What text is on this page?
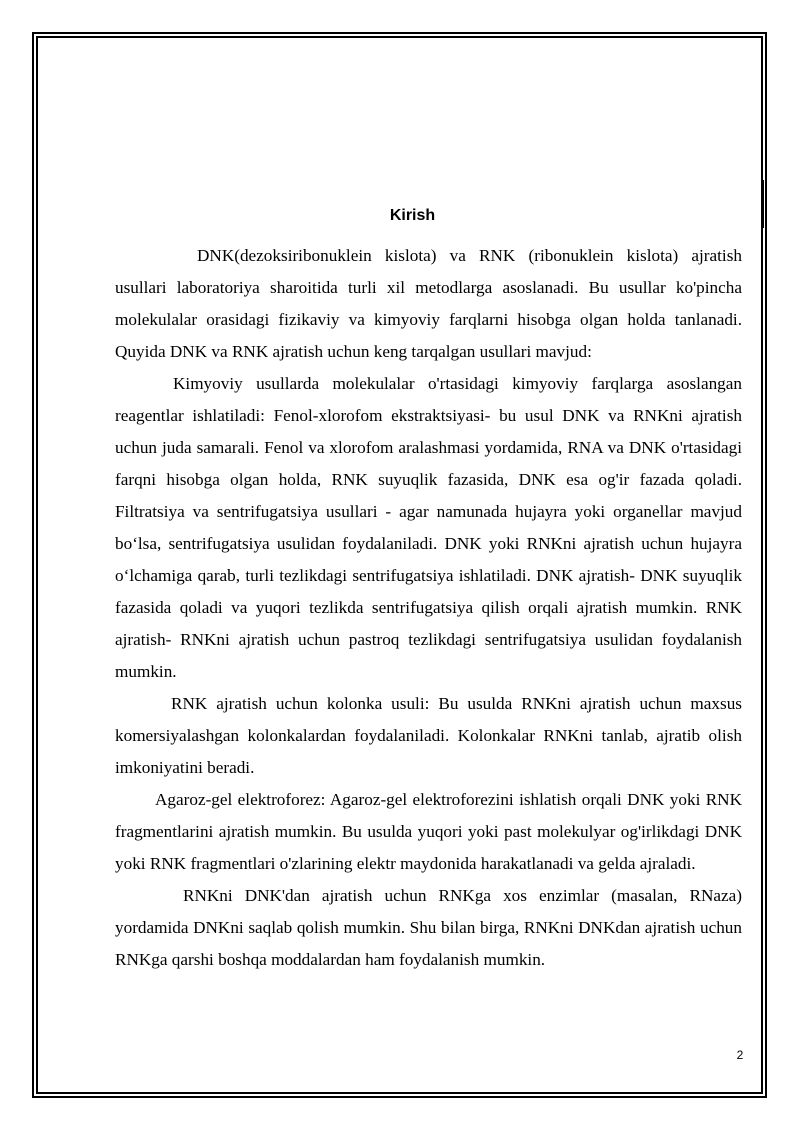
Kirish

DNK(dezoksiribonuklein kislota) va RNK (ribonuklein kislota) ajratish usullari laboratoriya sharoitida turli xil metodlarga asoslanadi. Bu usullar ko'pincha molekulalar orasidagi fizikaviy va kimyoviy farqlarni hisobga olgan holda tanlanadi. Quyida DNK va RNK ajratish uchun keng tarqalgan usullari mavjud:

Kimyoviy usullarda molekulalar o'rtasidagi kimyoviy farqlarga asoslangan reagentlar ishlatiladi: Fenol-xlorofom ekstraktsiyasi- bu usul DNK va RNKni ajratish uchun juda samarali. Fenol va xlorofom aralashmasi yordamida, RNA va DNK o'rtasidagi farqni hisobga olgan holda, RNK suyuqlik fazasida, DNK esa og'ir fazada qoladi. Filtratsiya va sentrifugatsiya usullari - agar namunada hujayra yoki organellar mavjud bo‘lsa, sentrifugatsiya usulidan foydalaniladi. DNK yoki RNKni ajratish uchun hujayra o‘lchamiga qarab, turli tezlikdagi sentrifugatsiya ishlatiladi. DNK ajratish- DNK suyuqlik fazasida qoladi va yuqori tezlikda sentrifugatsiya qilish orqali ajratish mumkin. RNK ajratish- RNKni ajratish uchun pastroq tezlikdagi sentrifugatsiya usulidan foydalanish mumkin.

RNK ajratish uchun kolonka usuli: Bu usulda RNKni ajratish uchun maxsus komersiyalashgan kolonkalardan foydalaniladi. Kolonkalar RNKni tanlab, ajratib olish imkoniyatini beradi.

Agaroz-gel elektroforez: Agaroz-gel elektroforezini ishlatish orqali DNK yoki RNK fragmentlarini ajratish mumkin. Bu usulda yuqori yoki past molekulyar og'irlikdagi DNK yoki RNK fragmentlari o'zlarining elektr maydonida harakatlanadi va gelda ajraladi.

RNKni DNK'dan ajratish uchun RNKga xos enzimlar (masalan, RNaza) yordamida DNKni saqlab qolish mumkin. Shu bilan birga, RNKni DNKdan ajratish uchun RNKga qarshi boshqa moddalardan ham foydalanish mumkin.

2
